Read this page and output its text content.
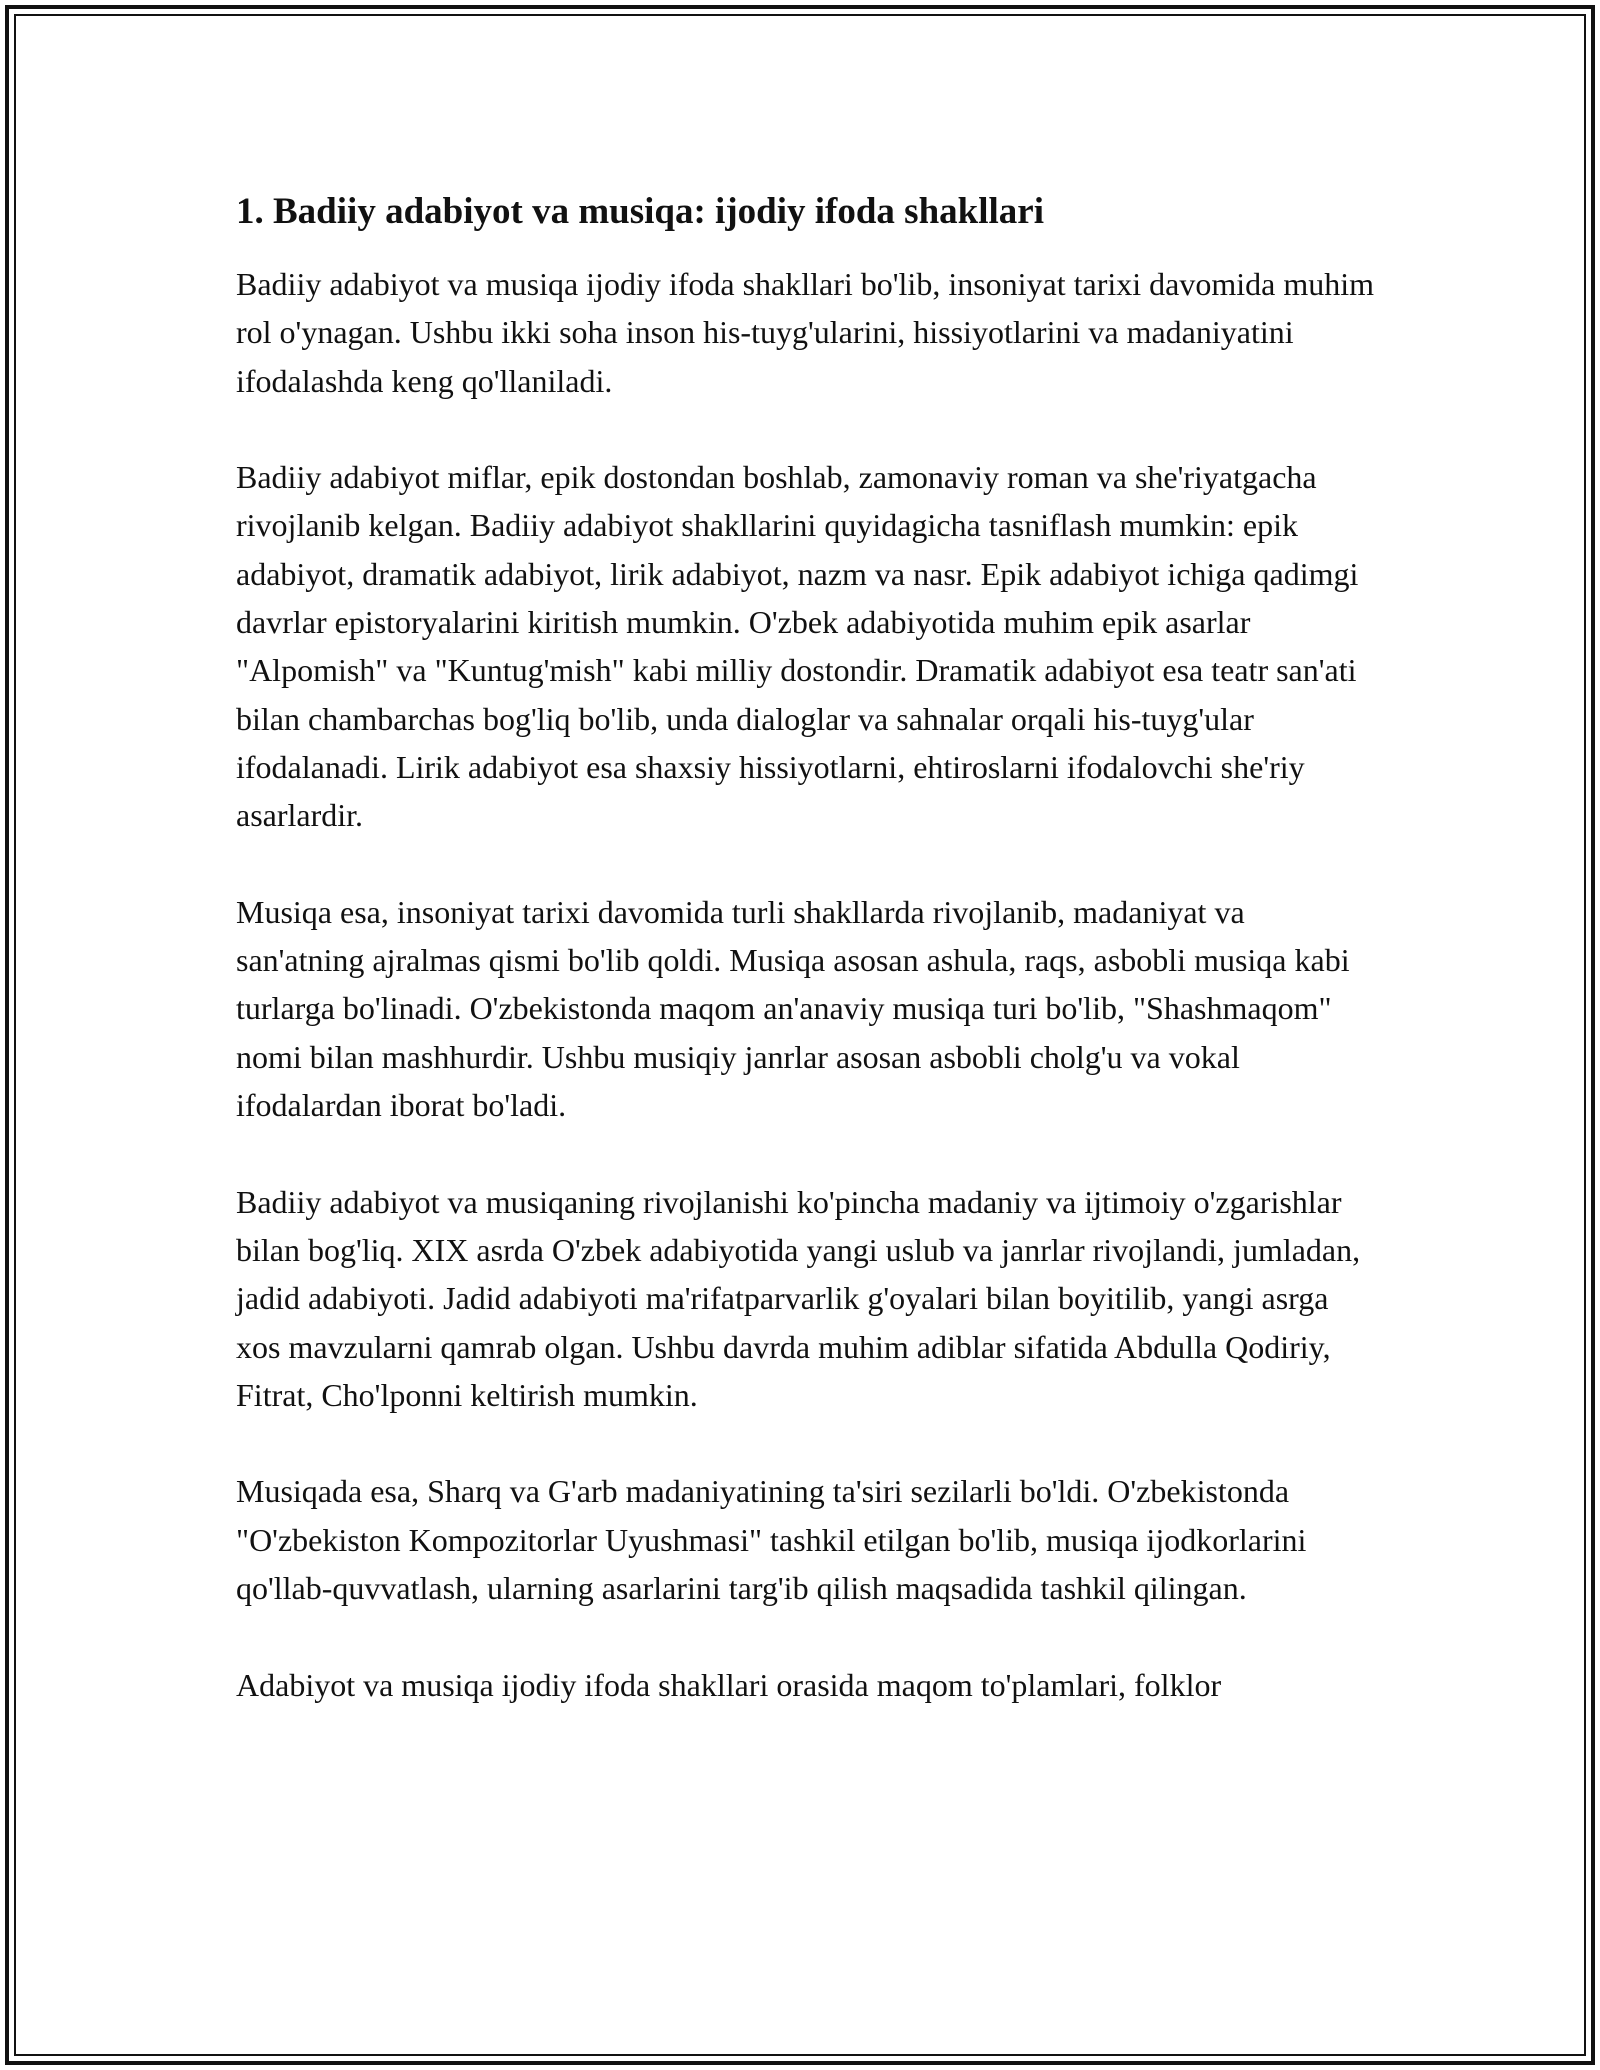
1. Badiiy adabiyot va musiqa: ijodiy ifoda shakllari

Badiiy adabiyot va musiqa ijodiy ifoda shakllari bo'lib, insoniyat tarixi davomida muhim rol o'ynagan. Ushbu ikki soha inson his-tuyg'ularini, hissiyotlarini va madaniyatini ifodalashda keng qo'llaniladi.

Badiiy adabiyot miflar, epik dostondan boshlab, zamonaviy roman va she'riyatgacha rivojlanib kelgan. Badiiy adabiyot shakllarini quyidagicha tasniflash mumkin: epik adabiyot, dramatik adabiyot, lirik adabiyot, nazm va nasr. Epik adabiyot ichiga qadimgi davrlar epistoryalarini kiritish mumkin. O'zbek adabiyotida muhim epik asarlar "Alpomish" va "Kuntug'mish" kabi milliy dostondir. Dramatik adabiyot esa teatr san'ati bilan chambarchas bog'liq bo'lib, unda dialoglar va sahnalar orqali his-tuyg'ular ifodalanadi. Lirik adabiyot esa shaxsiy hissiyotlarni, ehtiroslarni ifodalovchi she'riy asarlardir.

Musiqa esa, insoniyat tarixi davomida turli shakllarda rivojlanib, madaniyat va san'atning ajralmas qismi bo'lib qoldi. Musiqa asosan ashula, raqs, asbobli musiqa kabi turlarga bo'linadi. O'zbekistonda maqom an'anaviy musiqa turi bo'lib, "Shashmaqom" nomi bilan mashhurdir. Ushbu musiqiy janrlar asosan asbobli cholg'u va vokal ifodalardan iborat bo'ladi.

Badiiy adabiyot va musiqaning rivojlanishi ko'pincha madaniy va ijtimoiy o'zgarishlar bilan bog'liq. XIX asrda O'zbek adabiyotida yangi uslub va janrlar rivojlandi, jumladan, jadid adabiyoti. Jadid adabiyoti ma'rifatparvarlik g'oyalari bilan boyitilib, yangi asrga xos mavzularni qamrab olgan. Ushbu davrda muhim adiblar sifatida Abdulla Qodiriy, Fitrat, Cho'lponni keltirish mumkin.

Musiqada esa, Sharq va G'arb madaniyatining ta'siri sezilarli bo'ldi. O'zbekistonda "O'zbekiston Kompozitorlar Uyushmasi" tashkil etilgan bo'lib, musiqa ijodkorlarini qo'llab-quvvatlash, ularning asarlarini targ'ib qilish maqsadida tashkil qilingan.

Adabiyot va musiqa ijodiy ifoda shakllari orasida maqom to'plamlari, folklor
